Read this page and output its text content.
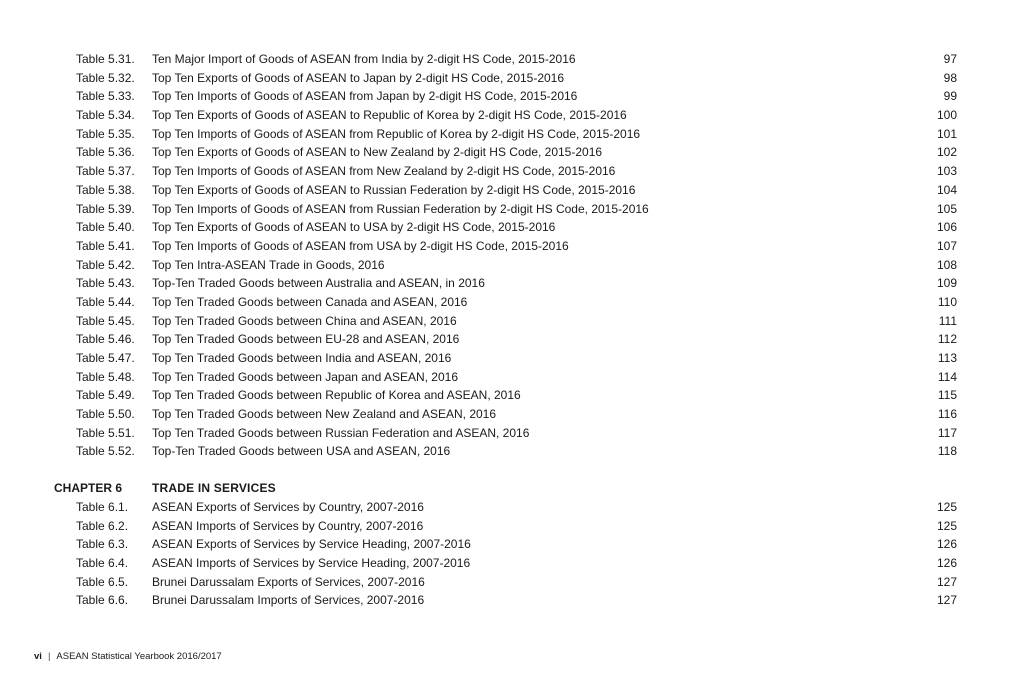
Table 5.31. Ten Major Import of Goods of ASEAN from India by 2-digit HS Code, 2015-2016	97
Table 5.32. Top Ten Exports of Goods of ASEAN to Japan by 2-digit HS Code, 2015-2016	98
Table 5.33. Top Ten Imports of Goods of ASEAN from Japan by 2-digit HS Code, 2015-2016	99
Table 5.34. Top Ten Exports of Goods of ASEAN to Republic of Korea by 2-digit HS Code, 2015-2016	100
Table 5.35. Top Ten Imports of Goods of ASEAN from Republic of Korea by 2-digit HS Code, 2015-2016	101
Table 5.36. Top Ten Exports of Goods of ASEAN to New Zealand by 2-digit HS Code, 2015-2016	102
Table 5.37. Top Ten Imports of Goods of ASEAN from New Zealand by 2-digit HS Code, 2015-2016	103
Table 5.38. Top Ten Exports of Goods of ASEAN to Russian Federation by 2-digit HS Code, 2015-2016	104
Table 5.39. Top Ten Imports of Goods of ASEAN from Russian Federation by 2-digit HS Code, 2015-2016	105
Table 5.40. Top Ten Exports of Goods of ASEAN to USA by 2-digit HS Code, 2015-2016	106
Table 5.41. Top Ten Imports of Goods of ASEAN from USA by 2-digit HS Code, 2015-2016	107
Table 5.42. Top Ten Intra-ASEAN Trade in Goods, 2016	108
Table 5.43. Top-Ten Traded Goods between Australia and ASEAN, in 2016	109
Table 5.44. Top Ten Traded Goods between Canada and ASEAN, 2016	110
Table 5.45. Top Ten Traded Goods between China and ASEAN, 2016	111
Table 5.46. Top Ten Traded Goods between EU-28 and ASEAN, 2016	112
Table 5.47. Top Ten Traded Goods between India and ASEAN, 2016	113
Table 5.48. Top Ten Traded Goods between Japan and ASEAN, 2016	114
Table 5.49. Top Ten Traded Goods between Republic of Korea and ASEAN, 2016	115
Table 5.50. Top Ten Traded Goods between New Zealand and ASEAN, 2016	116
Table 5.51. Top Ten Traded Goods between Russian Federation and ASEAN, 2016	117
Table 5.52. Top-Ten Traded Goods between USA and ASEAN, 2016	118
CHAPTER 6 TRADE IN SERVICES
Table 6.1. ASEAN Exports of Services by Country, 2007-2016	125
Table 6.2. ASEAN Imports of Services by Country, 2007-2016	125
Table 6.3. ASEAN Exports of Services by Service Heading, 2007-2016	126
Table 6.4. ASEAN Imports of Services by Service Heading, 2007-2016	126
Table 6.5. Brunei Darussalam Exports of Services, 2007-2016	127
Table 6.6. Brunei Darussalam Imports of Services, 2007-2016	127
vi | ASEAN Statistical Yearbook 2016/2017
